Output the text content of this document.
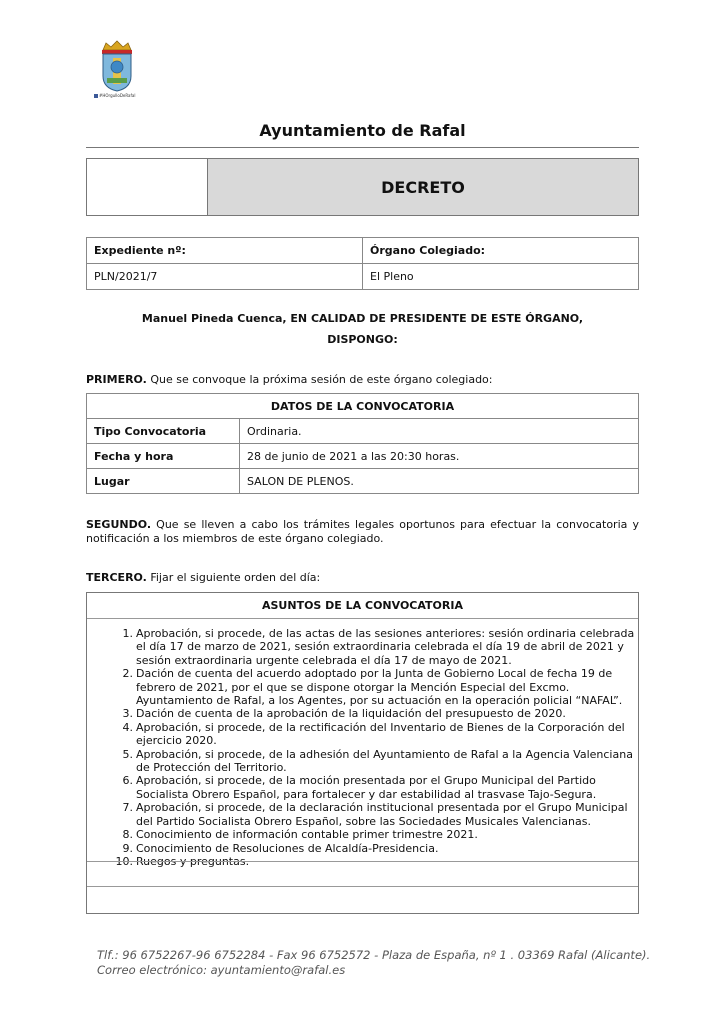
#HOrgulloDeRafal
Ayuntamiento de Rafal
DECRETO
Expediente nº:	Órgano Colegiado:
PLN/2021/7	El Pleno
Manuel Pineda Cuenca, EN CALIDAD DE PRESIDENTE DE ESTE ÓRGANO,
DISPONGO:
PRIMERO. Que se convoque la próxima sesión de este órgano colegiado:
DATOS DE LA CONVOCATORIA	
Tipo Convocatoria	Ordinaria.
Fecha y hora	28 de junio de 2021 a las 20:30 horas.
Lugar	SALON DE PLENOS.
SEGUNDO. Que se lleven a cabo los trámites legales oportunos para efectuar la convocatoria y notificación a los miembros de este órgano colegiado.
TERCERO. Fijar el siguiente orden del día:
ASUNTOS DE LA CONVOCATORIA
1. Aprobación, si procede, de las actas de las sesiones anteriores: sesión ordinaria celebrada el día 17 de marzo de 2021, sesión extraordinaria celebrada el día 19 de abril de 2021 y sesión extraordinaria urgente celebrada el día 17 de mayo de 2021.
2. Dación de cuenta del acuerdo adoptado por la Junta de Gobierno Local de fecha 19 de febrero de 2021, por el que se dispone otorgar la Mención Especial del Excmo. Ayuntamiento de Rafal, a los Agentes, por su actuación en la operación policial “NAFAL”.
3. Dación de cuenta de la aprobación de la liquidación del presupuesto de 2020.
4. Aprobación, si procede, de la rectificación del Inventario de Bienes de la Corporación del ejercicio 2020.
5. Aprobación, si procede, de la adhesión del Ayuntamiento de Rafal a la Agencia Valenciana de Protección del Territorio.
6. Aprobación, si procede, de la moción presentada por el Grupo Municipal del Partido Socialista Obrero Español, para fortalecer y dar estabilidad al trasvase Tajo-Segura.
7. Aprobación, si procede, de la declaración institucional presentada por el Grupo Municipal del Partido Socialista Obrero Español, sobre las Sociedades Musicales Valencianas.
8. Conocimiento de información contable primer trimestre 2021.
9. Conocimiento de Resoluciones de Alcaldía-Presidencia.
10. Ruegos y preguntas.
Tlf.: 96 6752267-96 6752284 - Fax 96 6752572 - Plaza de España, nº 1 . 03369 Rafal (Alicante).
Correo electrónico: ayuntamiento@rafal.es
